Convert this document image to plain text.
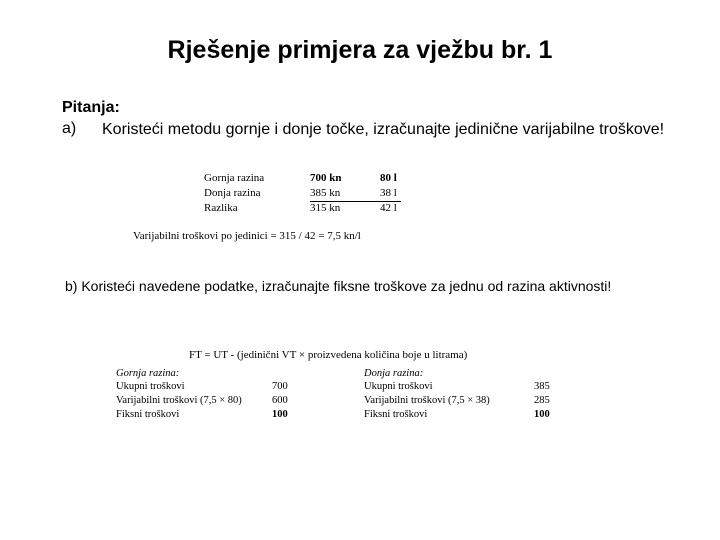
Rješenje primjera za vježbu br. 1
Pitanja:
a) Koristeći metodu gornje i donje točke, izračunajte jedinične varijabilne troškove!
Gornja razina	700 kn	80 l
Donja razina	385 kn	38 l
Razlika	315 kn	42 l
Varijabilni troškovi po jedinici = 315 / 42 = 7,5 kn/l
b) Koristeći navedene podatke, izračunajte fiksne troškove za jednu od razina aktivnosti!
FT = UT - (jedinični VT × proizvedena količina boje u litrama)
Gornja razina:	Donja razina:
Ukupni troškovi	700	Ukupni troškovi	385
Varijabilni troškovi (7,5 × 80)	600	Varijabilni troškovi (7,5 × 38)	285
Fiksni troškovi	100	Fiksni troškovi	100
